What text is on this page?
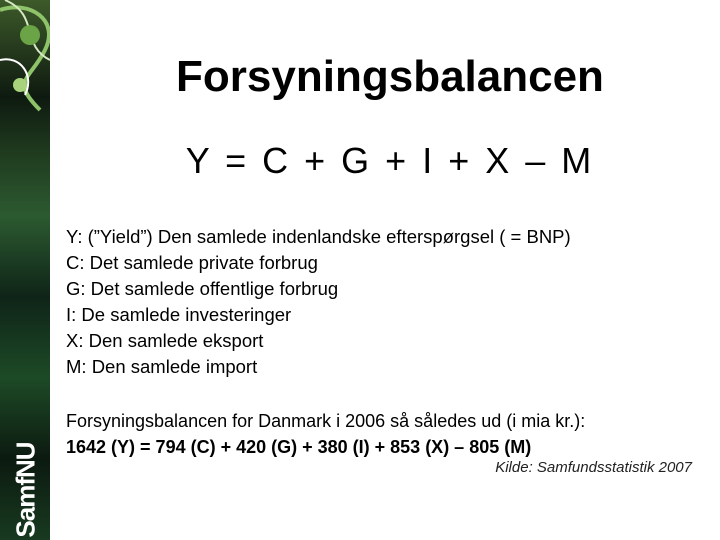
SamfNU
Forsyningsbalancen
Y = C + G + I + X – M
Y: (”Yield”) Den samlede indenlandske efterspørgsel ( = BNP)
C: Det samlede private forbrug
G: Det samlede offentlige forbrug
I: De samlede investeringer
X: Den samlede eksport
M: Den samlede import
Forsyningsbalancen for Danmark i 2006 så således ud (i mia kr.):
1642 (Y) = 794 (C) + 420 (G) + 380 (I) + 853 (X) – 805 (M)
Kilde: Samfundsstatistik 2007
